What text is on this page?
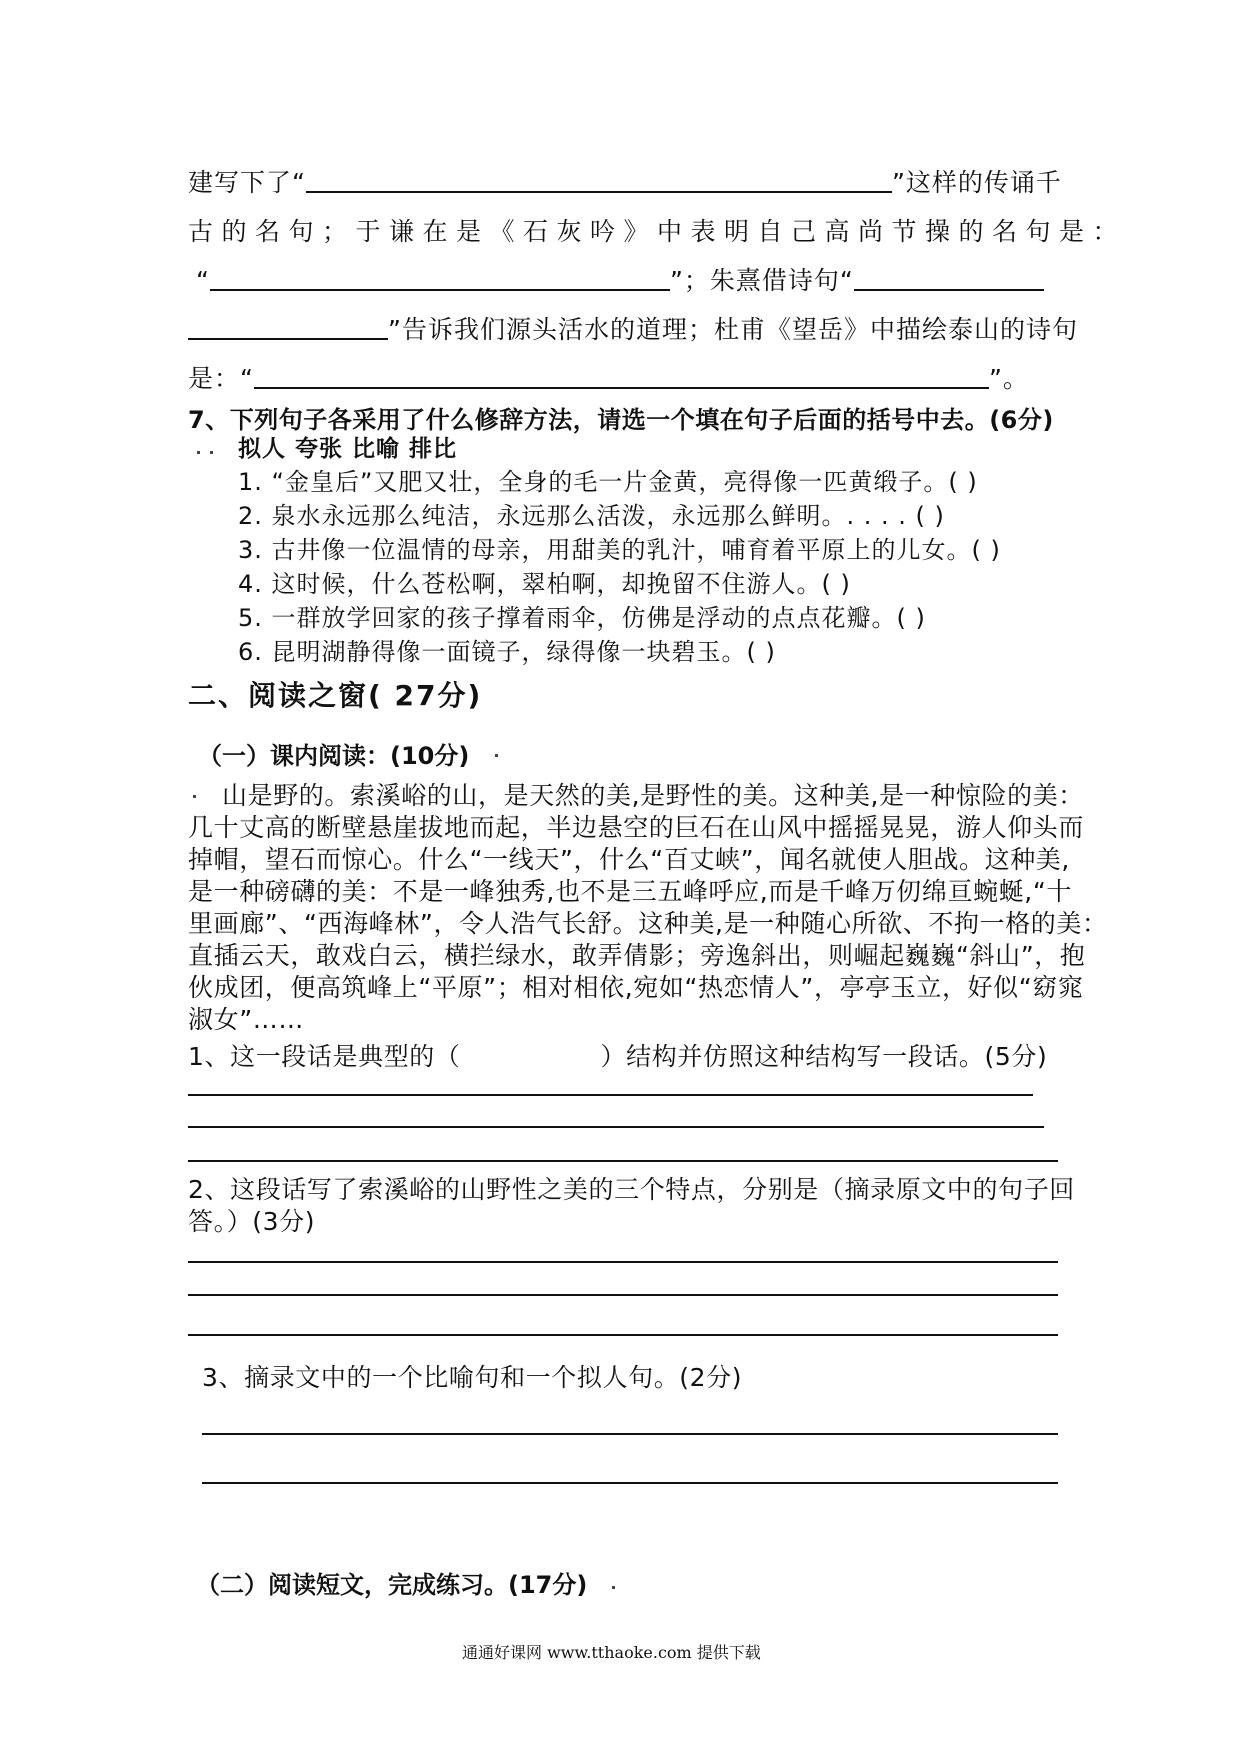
建写下了“	”这样的传诵千
古的名句；于谦在是《石灰吟》中表明自己高尚节操的名句是：
“	”；朱熹借诗句“
”告诉我们源头活水的道理；杜甫《望岳》中描绘泰山的诗句
是：“	”。
7、下列句子各采用了什么修辞方法，请选一个填在句子后面的括号中去。(6分)
拟人 夸张 比喻 排比
1. “金皇后”又肥又壮，全身的毛一片金黄，亮得像一匹黄缎子。( )
2. 泉水永远那么纯洁，永远那么活泼，永远那么鲜明。. . . . ( )
3. 古井像一位温情的母亲，用甜美的乳汁，哺育着平原上的儿女。( )
4. 这时候，什么苍松啊，翠柏啊，却挽留不住游人。( )
5. 一群放学回家的孩子撑着雨伞，仿佛是浮动的点点花瓣。( )
6. 昆明湖静得像一面镜子，绿得像一块碧玉。( )
二、阅读之窗( 27分)
（一）课内阅读：(10分)
山是野的。索溪峪的山，是天然的美,是野性的美。这种美,是一种惊险的美：
几十丈高的断壁悬崖拔地而起，半边悬空的巨石在山风中摇摇晃晃，游人仰头而
掉帽，望石而惊心。什么“一线天”，什么“百丈峡”，闻名就使人胆战。这种美,
是一种磅礴的美：不是一峰独秀,也不是三五峰呼应,而是千峰万仞绵亘蜿蜒,“十
里画廊”、“西海峰林”，令人浩气长舒。这种美,是一种随心所欲、不拘一格的美：
直插云天，敢戏白云，横拦绿水，敢弄倩影；旁逸斜出，则崛起巍巍“斜山”，抱
伙成团，便高筑峰上“平原”；相对相依,宛如“热恋情人”，亭亭玉立，好似“窈窕
淑女”……
1、这一段话是典型的（	）结构并仿照这种结构写一段话。(5分)
2、这段话写了索溪峪的山野性之美的三个特点，分别是（摘录原文中的句子回
答。）(3分)
3、摘录文中的一个比喻句和一个拟人句。(2分)
（二）阅读短文，完成练习。(17分)
通通好课网 www.tthaoke.com 提供下载
